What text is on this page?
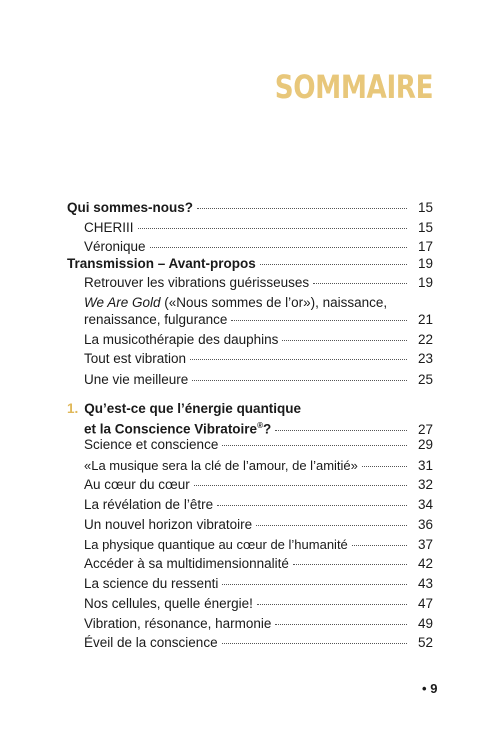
SOMMAIRE
Qui sommes-nous?	15
CHERIII	15
Véronique	17
Transmission – Avant-propos	19
Retrouver les vibrations guérisseuses	19
We Are Gold («Nous sommes de l’or»), naissance,
renaissance, fulgurance	21
La musicothérapie des dauphins	22
Tout est vibration	23
Une vie meilleure	25
1. Qu’est-ce que l’énergie quantique
et la Conscience Vibratoire®?	27
Science et conscience	29
«La musique sera la clé de l’amour, de l’amitié»	31
Au cœur du cœur	32
La révélation de l’être	34
Un nouvel horizon vibratoire	36
La physique quantique au cœur de l’humanité	37
Accéder à sa multidimensionnalité	42
La science du ressenti	43
Nos cellules, quelle énergie!	47
Vibration, résonance, harmonie	49
Éveil de la conscience	52
• 9
